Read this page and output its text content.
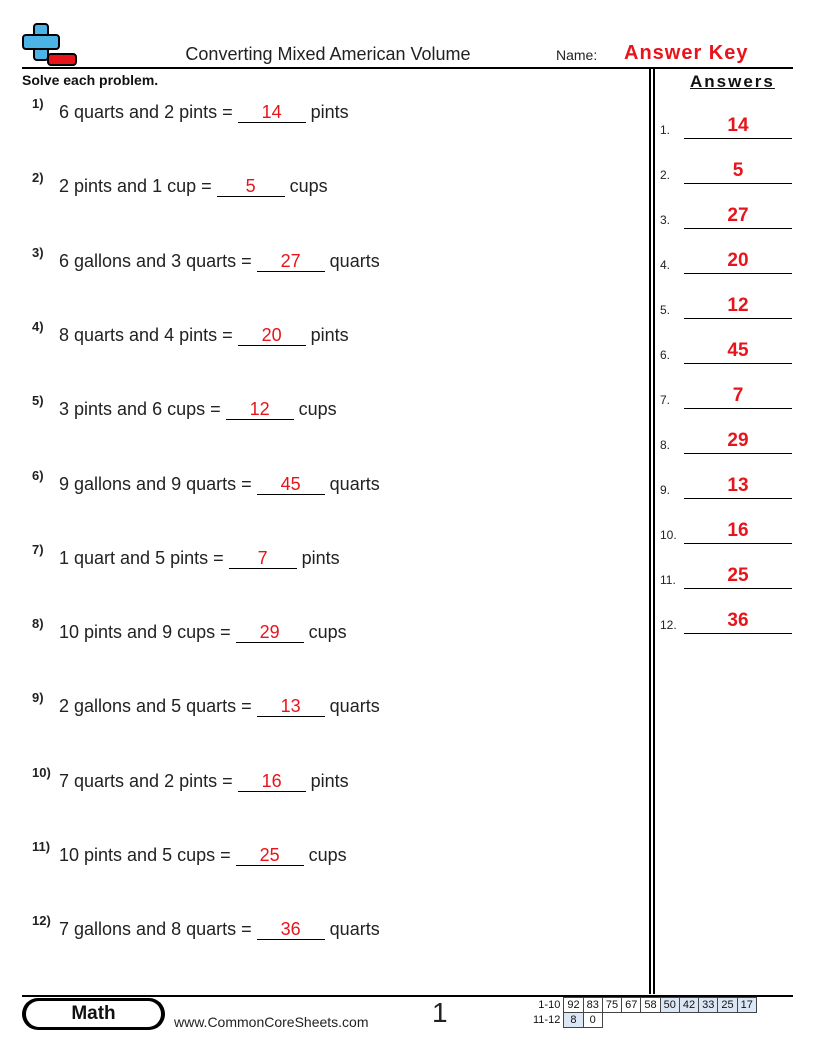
Converting Mixed American Volume	Name: Answer Key
Solve each problem.
1) 6 quarts and 2 pints = 14 pints
2) 2 pints and 1 cup = 5 cups
3) 6 gallons and 3 quarts = 27 quarts
4) 8 quarts and 4 pints = 20 pints
5) 3 pints and 6 cups = 12 cups
6) 9 gallons and 9 quarts = 45 quarts
7) 1 quart and 5 pints = 7 pints
8) 10 pints and 9 cups = 29 cups
9) 2 gallons and 5 quarts = 13 quarts
10) 7 quarts and 2 pints = 16 pints
11) 10 pints and 5 cups = 25 cups
12) 7 gallons and 8 quarts = 36 quarts
Answers
1.	14
2.	5
3.	27
4.	20
5.	12
6.	45
7.	7
8.	29
9.	13
10.	16
11.	25
12.	36
Math	www.CommonCoreSheets.com 1	1-10	92	83	75	67	58	50	42	33	25	17
11-12	8	0								
